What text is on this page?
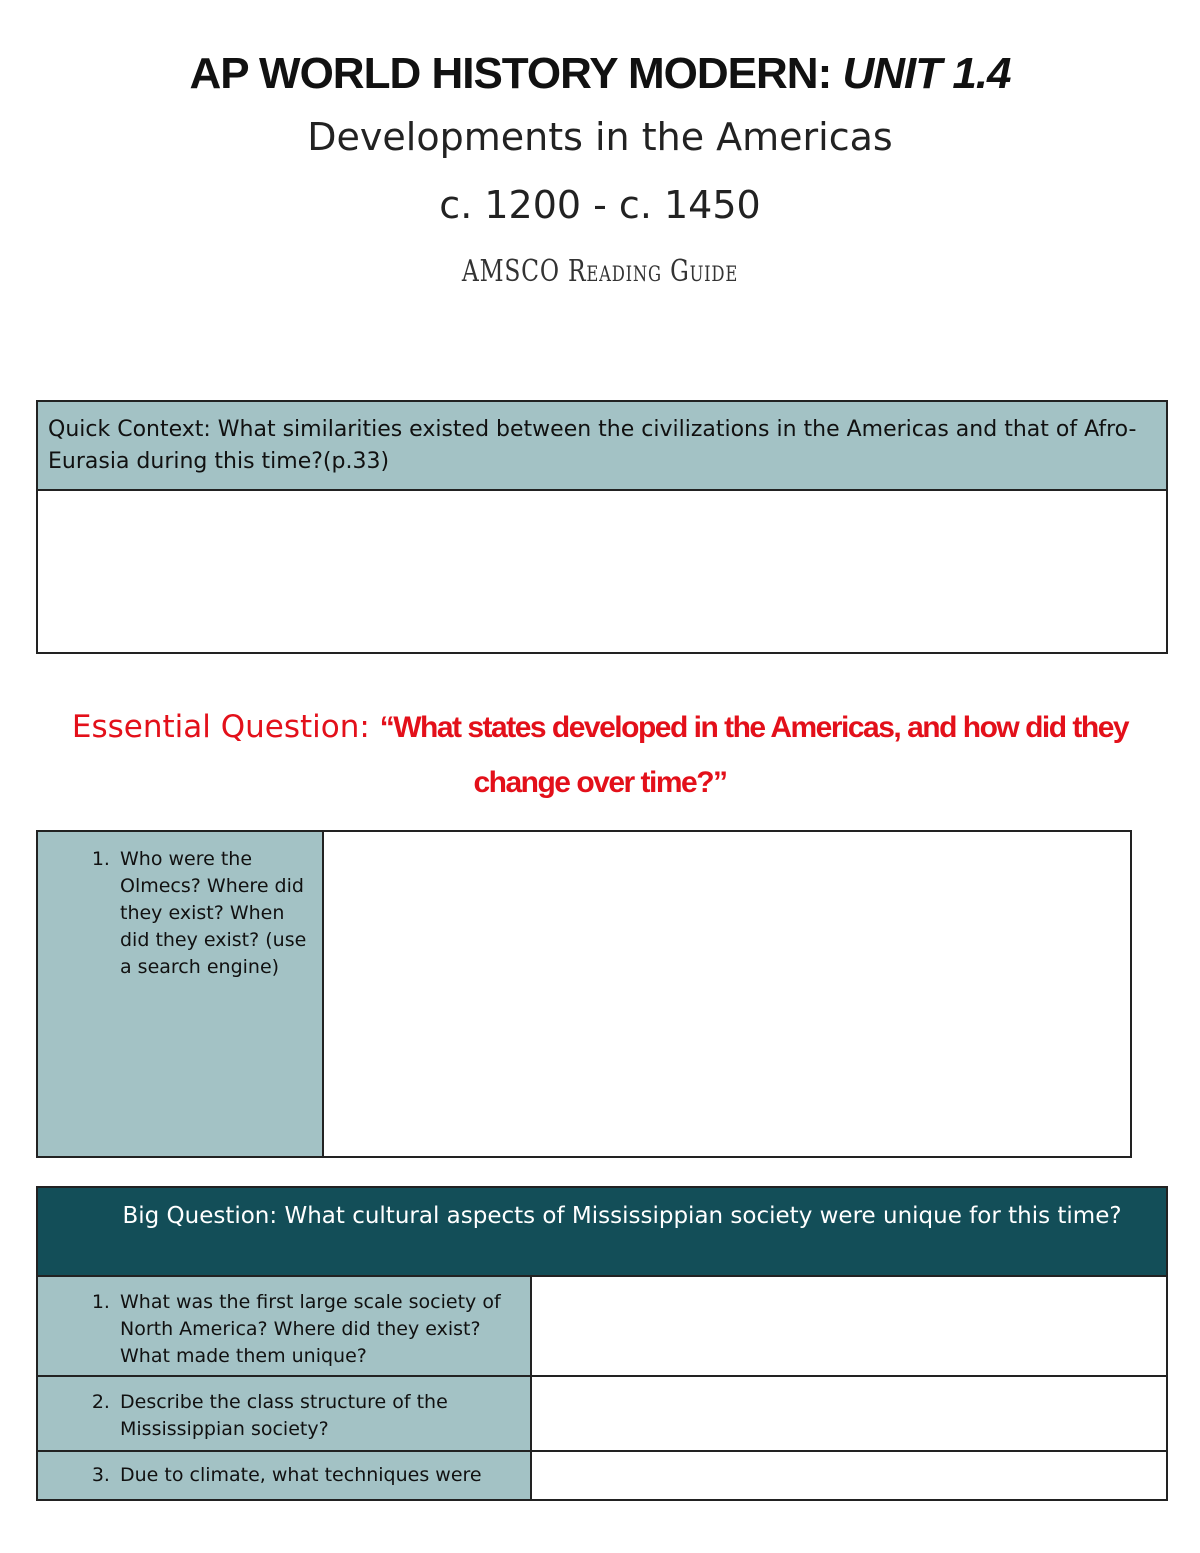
AP WORLD HISTORY MODERN: UNIT 1.4

Developments in the Americas

c. 1200 - c. 1450

AMSCO Reading Guide

Quick Context: What similarities existed between the civilizations in the Americas and that of Afro-Eurasia during this time?(p.33)
Essential Question: “What states developed in the Americas, and how did they change over time?”
1. Who were the Olmecs? Where did they exist? When did they exist? (use a search engine)
Big Question: What cultural aspects of Mississippian society were unique for this time?
1. What was the first large scale society of North America? Where did they exist? What made them unique?
2. Describe the class structure of the Mississippian society?
3. Due to climate, what techniques were
